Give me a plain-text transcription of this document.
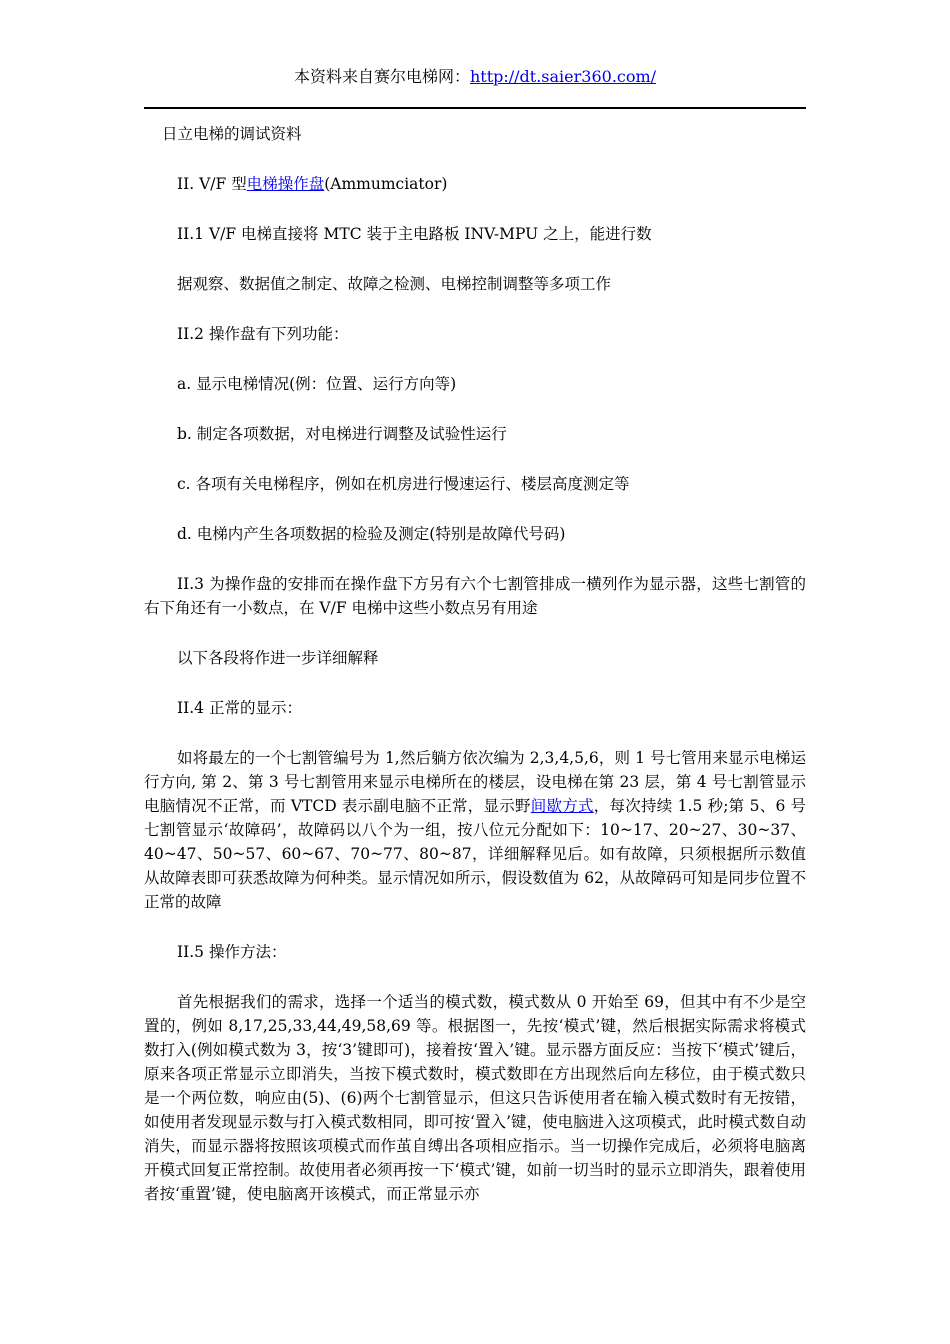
本资料来自赛尔电梯网：http://dt.saier360.com/

日立电梯的调试资料

II. V/F 型电梯操作盘(Ammumciator)

II.1 V/F 电梯直接将 MTC 装于主电路板 INV-MPU 之上，能进行数

据观察、数据值之制定、故障之检测、电梯控制调整等多项工作

II.2 操作盘有下列功能：

a. 显示电梯情况(例：位置、运行方向等)

b. 制定各项数据，对电梯进行调整及试验性运行

c. 各项有关电梯程序，例如在机房进行慢速运行、楼层高度测定等

d. 电梯内产生各项数据的检验及测定(特别是故障代号码)

II.3 为操作盘的安排而在操作盘下方另有六个七割管排成一横列作为显示器，这些七割管的右下角还有一小数点，在 V/F 电梯中这些小数点另有用途

以下各段将作进一步详细解释

II.4 正常的显示：

如将最左的一个七割管编号为 1,然后躺方依次编为 2,3,4,5,6，则 1 号七管用来显示电梯运行方向, 第 2、第 3 号七割管用来显示电梯所在的楼层，设电梯在第 23 层，第 4 号七割管显示电脑情况不正常，而 VTCD 表示副电脑不正常，显示野间歇方式，每次持续 1.5 秒;第 5、6 号七割管显示‘故障码’，故障码以八个为一组，按八位元分配如下：10~17、20~27、30~37、40~47、50~57、60~67、70~77、80~87，详细解释见后。如有故障，只须根据所示数值从故障表即可获悉故障为何种类。显示情况如所示，假设数值为 62，从故障码可知是同步位置不正常的故障

II.5 操作方法：

首先根据我们的需求，选择一个适当的模式数，模式数从 0 开始至 69，但其中有不少是空置的，例如 8,17,25,33,44,49,58,69 等。根据图一，先按‘模式’键，然后根据实际需求将模式数打入(例如模式数为 3，按‘3’键即可)，接着按‘置入’键。显示器方面反应：当按下‘模式’键后，原来各项正常显示立即消失，当按下模式数时，模式数即在方出现然后向左移位，由于模式数只是一个两位数，响应由(5)、(6)两个七割管显示，但这只告诉使用者在输入模式数时有无按错，如使用者发现显示数与打入模式数相同，即可按‘置入’键，使电脑进入这项模式，此时模式数自动消失，而显示器将按照该项模式而作茧自缚出各项相应指示。当一切操作完成后，必须将电脑离开模式回复正常控制。故使用者必须再按一下‘模式’键，如前一切当时的显示立即消失，跟着使用者按‘重置’键，使电脑离开该模式，而正常显示亦
